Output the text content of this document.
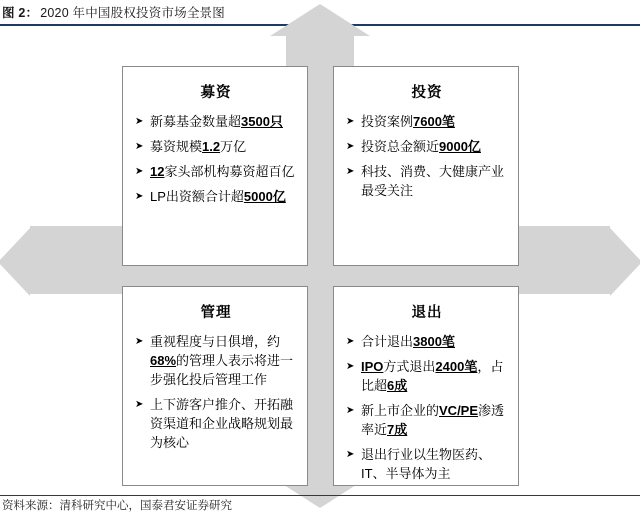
图 2： 2020 年中国股权投资市场全景图
募资
➤ 新募基金数量超3500只
➤ 募资规模1.2万亿
➤ 12家头部机构募资超百亿
➤ LP出资额合计超5000亿
投资
➤ 投资案例7600笔
➤ 投资总金额近9000亿
➤ 科技、消费、大健康产业最受关注
管理
➤ 重视程度与日俱增，约68%的管理人表示将进一步强化投后管理工作
➤ 上下游客户推介、开拓融资渠道和企业战略规划最为核心
退出
➤ 合计退出3800笔
➤ IPO方式退出2400笔，占比超6成
➤ 新上市企业的VC/PE渗透率近7成
➤ 退出行业以生物医药、IT、半导体为主
资料来源：清科研究中心，国泰君安证券研究
